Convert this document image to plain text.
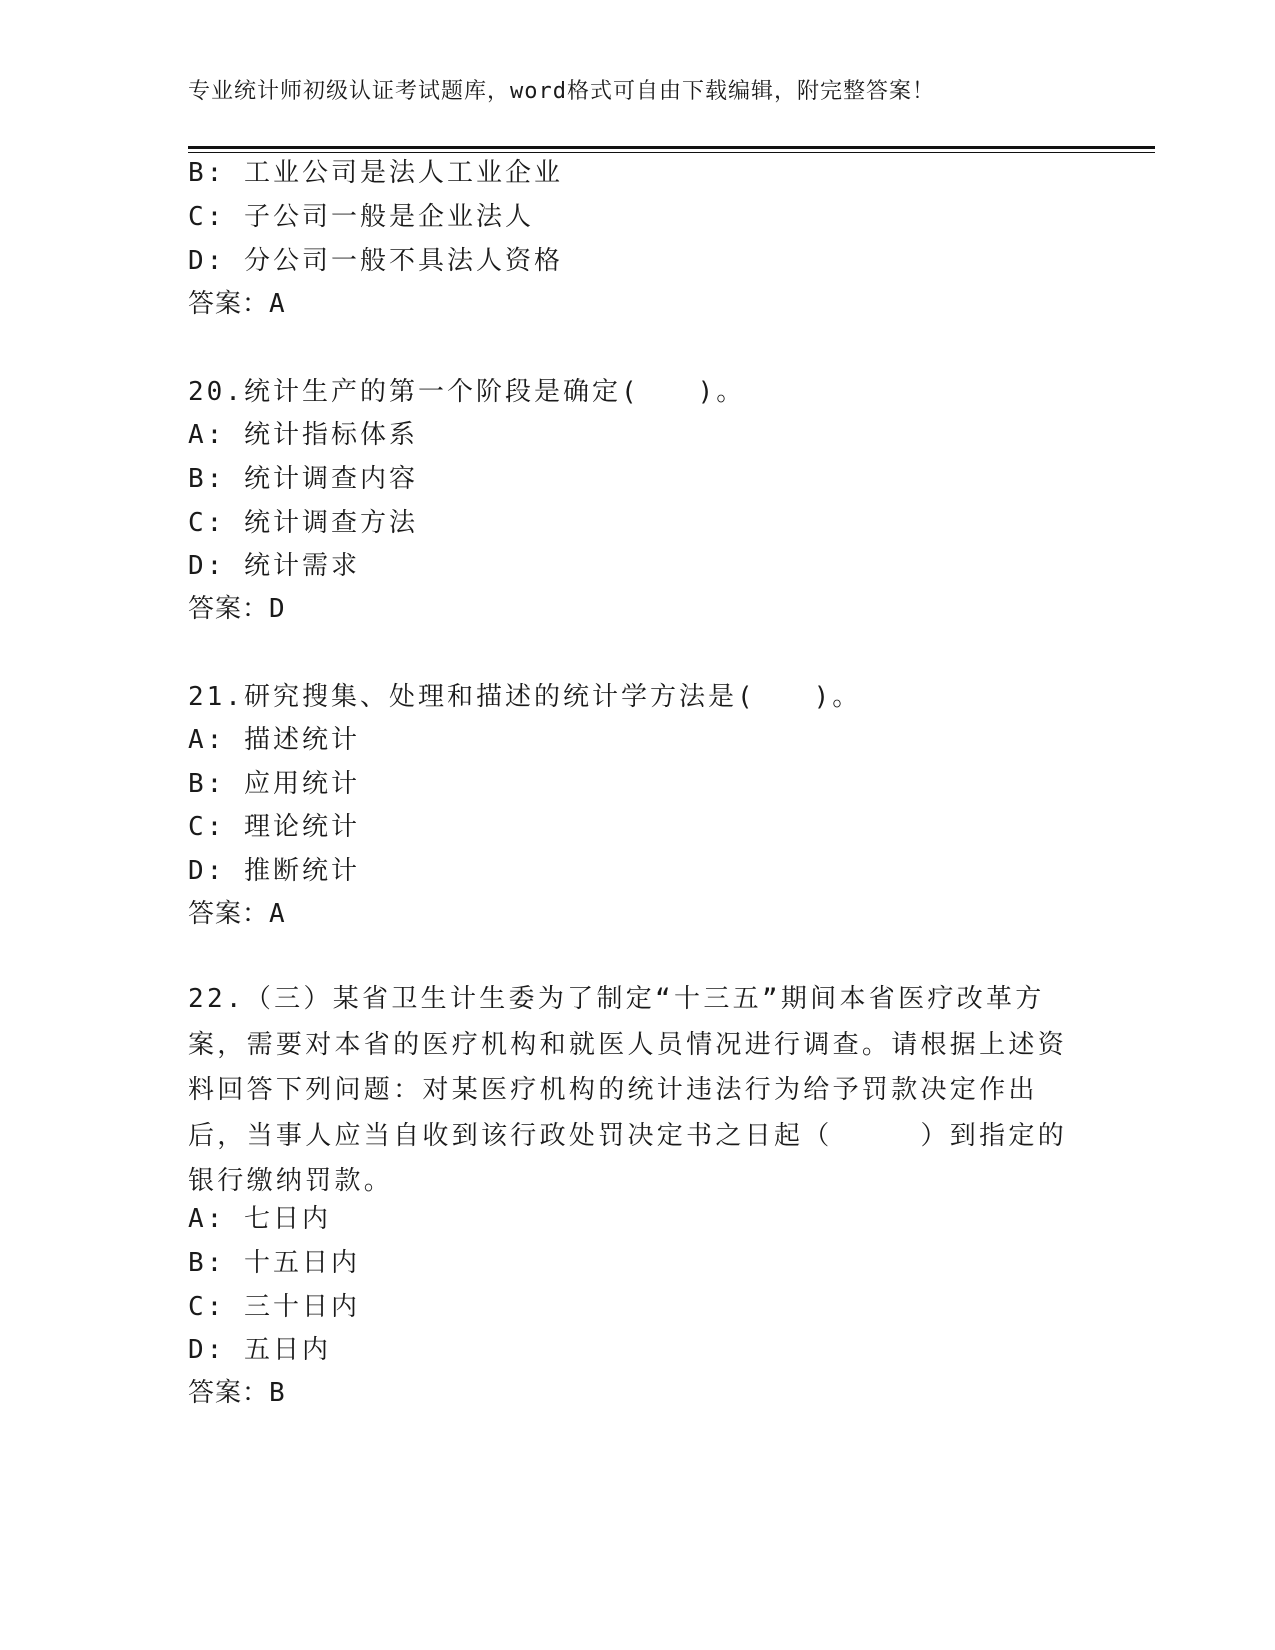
专业统计师初级认证考试题库，word格式可自由下载编辑，附完整答案！
B: 工业公司是法人工业企业
C: 子公司一般是企业法人
D: 分公司一般不具法人资格
答案：A
20.统计生产的第一个阶段是确定(　　)。
A: 统计指标体系
B: 统计调查内容
C: 统计调查方法
D: 统计需求
答案：D
21.研究搜集、处理和描述的统计学方法是(　　)。
A: 描述统计
B: 应用统计
C: 理论统计
D: 推断统计
答案：A
22.（三）某省卫生计生委为了制定“十三五”期间本省医疗改革方案，需要对本省的医疗机构和就医人员情况进行调查。请根据上述资料回答下列问题：对某医疗机构的统计违法行为给予罚款决定作出后，当事人应当自收到该行政处罚决定书之日起（　　　）到指定的银行缴纳罚款。
A: 七日内
B: 十五日内
C: 三十日内
D: 五日内
答案：B
